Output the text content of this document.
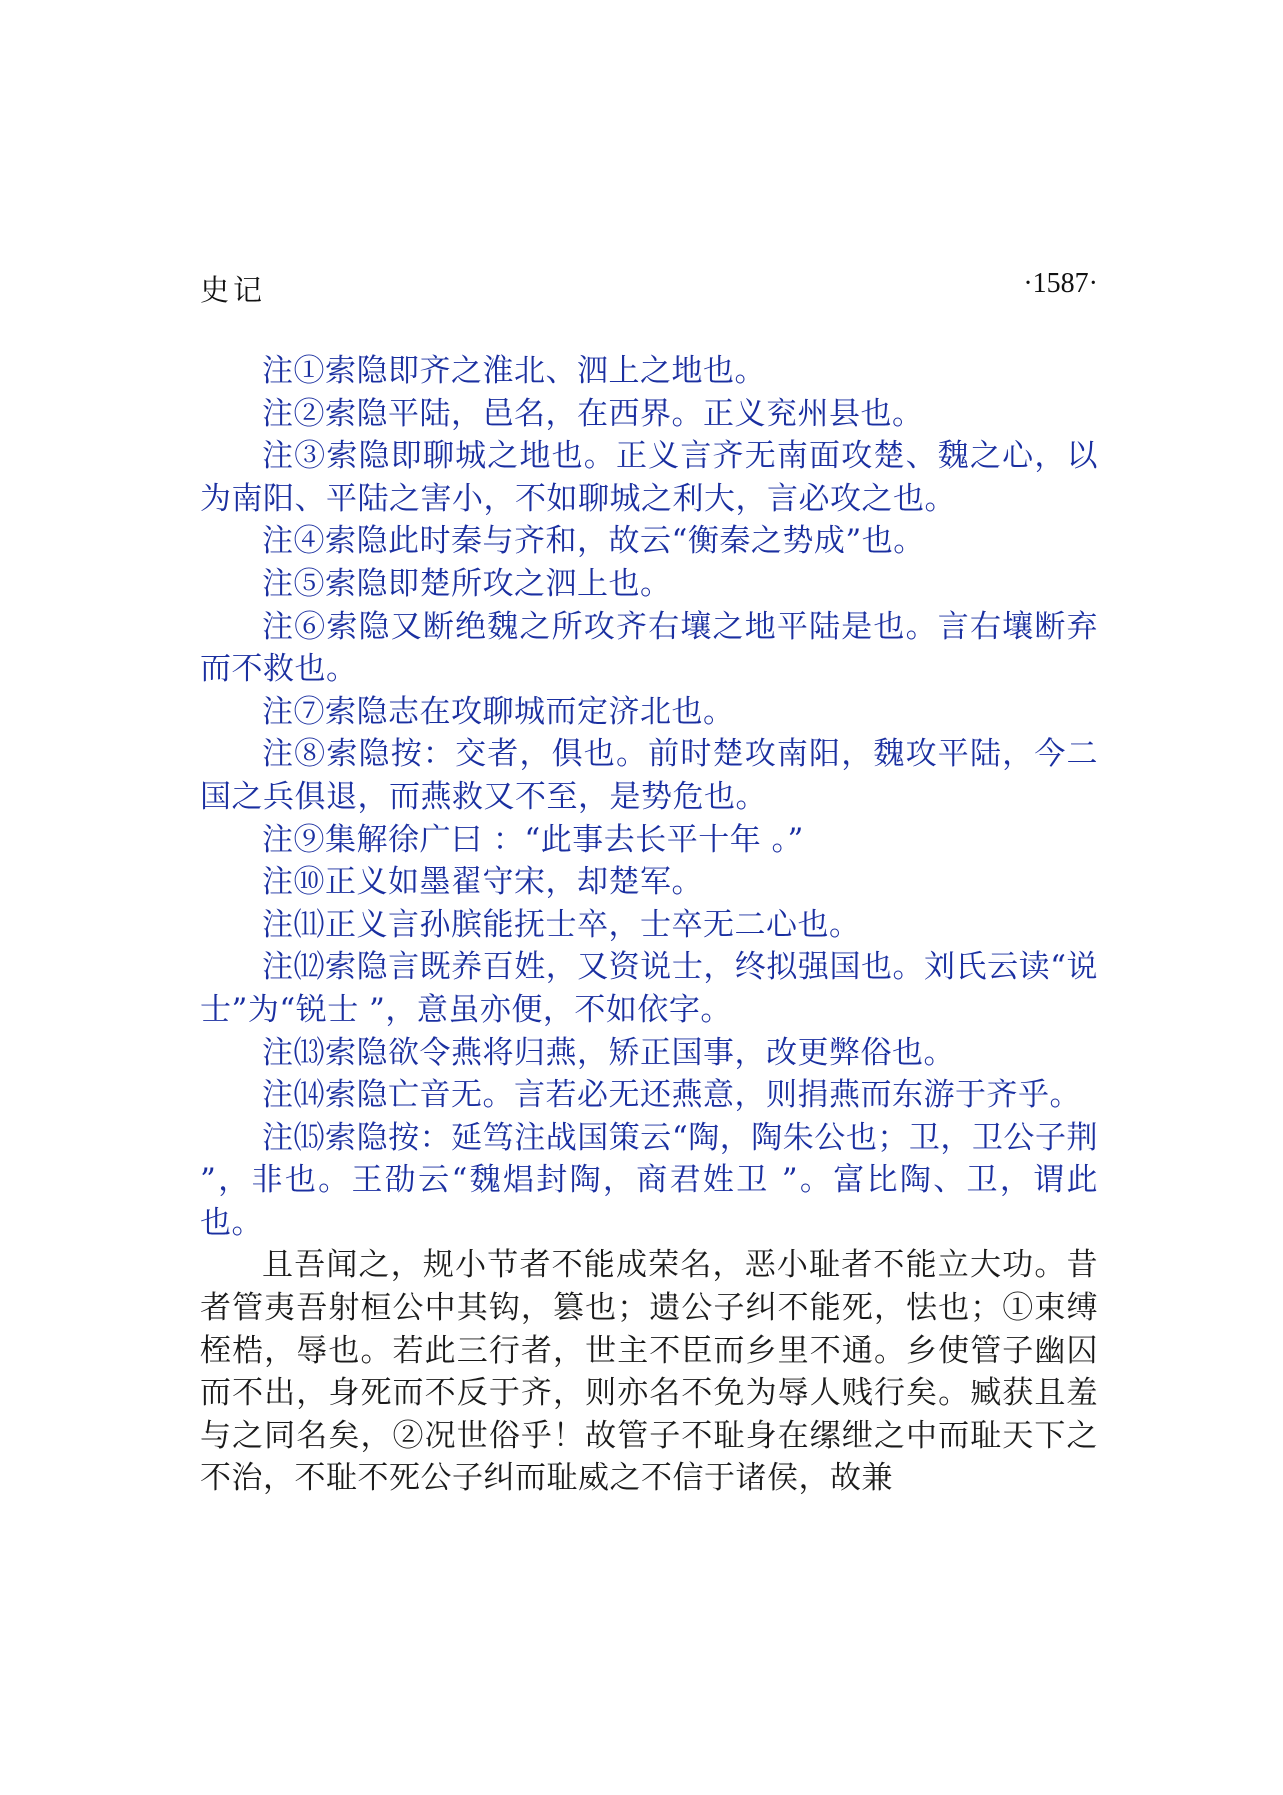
史记	·1587·

注①索隐即齐之淮北、泗上之地也。

注②索隐平陆，邑名，在西界。正义兖州县也。

注③索隐即聊城之地也。正义言齐无南面攻楚、魏之心，以为南阳、平陆之害小，不如聊城之利大，言必攻之也。

注④索隐此时秦与齐和，故云“衡秦之势成”也。

注⑤索隐即楚所攻之泗上也。

注⑥索隐又断绝魏之所攻齐右壤之地平陆是也。言右壤断弃而不救也。

注⑦索隐志在攻聊城而定济北也。

注⑧索隐按：交者，俱也。前时楚攻南阳，魏攻平陆，今二国之兵俱退，而燕救又不至，是势危也。

注⑨集解徐广曰 ：“此事去长平十年 。”

注⑩正义如墨翟守宋，却楚军。

注⑾正义言孙膑能抚士卒，士卒无二心也。

注⑿索隐言既养百姓，又资说士，终拟强国也。刘氏云读“说士”为“锐士 ”，意虽亦便，不如依字。

注⒀索隐欲令燕将归燕，矫正国事，改更弊俗也。

注⒁索隐亡音无。言若必无还燕意，则捐燕而东游于齐乎。

注⒂索隐按：延笃注战国策云“陶，陶朱公也；卫，卫公子荆 ”，非也。王劭云“魏焻封陶，商君姓卫 ”。富比陶、卫，谓此也。

且吾闻之，规小节者不能成荣名，恶小耻者不能立大功。昔者管夷吾射桓公中其钩，篡也；遗公子纠不能死，怯也；①束缚桎梏，辱也。若此三行者，世主不臣而乡里不通。乡使管子幽囚而不出，身死而不反于齐，则亦名不免为辱人贱行矣。臧获且羞与之同名矣，②况世俗乎！故管子不耻身在缧绁之中而耻天下之不治，不耻不死公子纠而耻威之不信于诸侯，故兼
